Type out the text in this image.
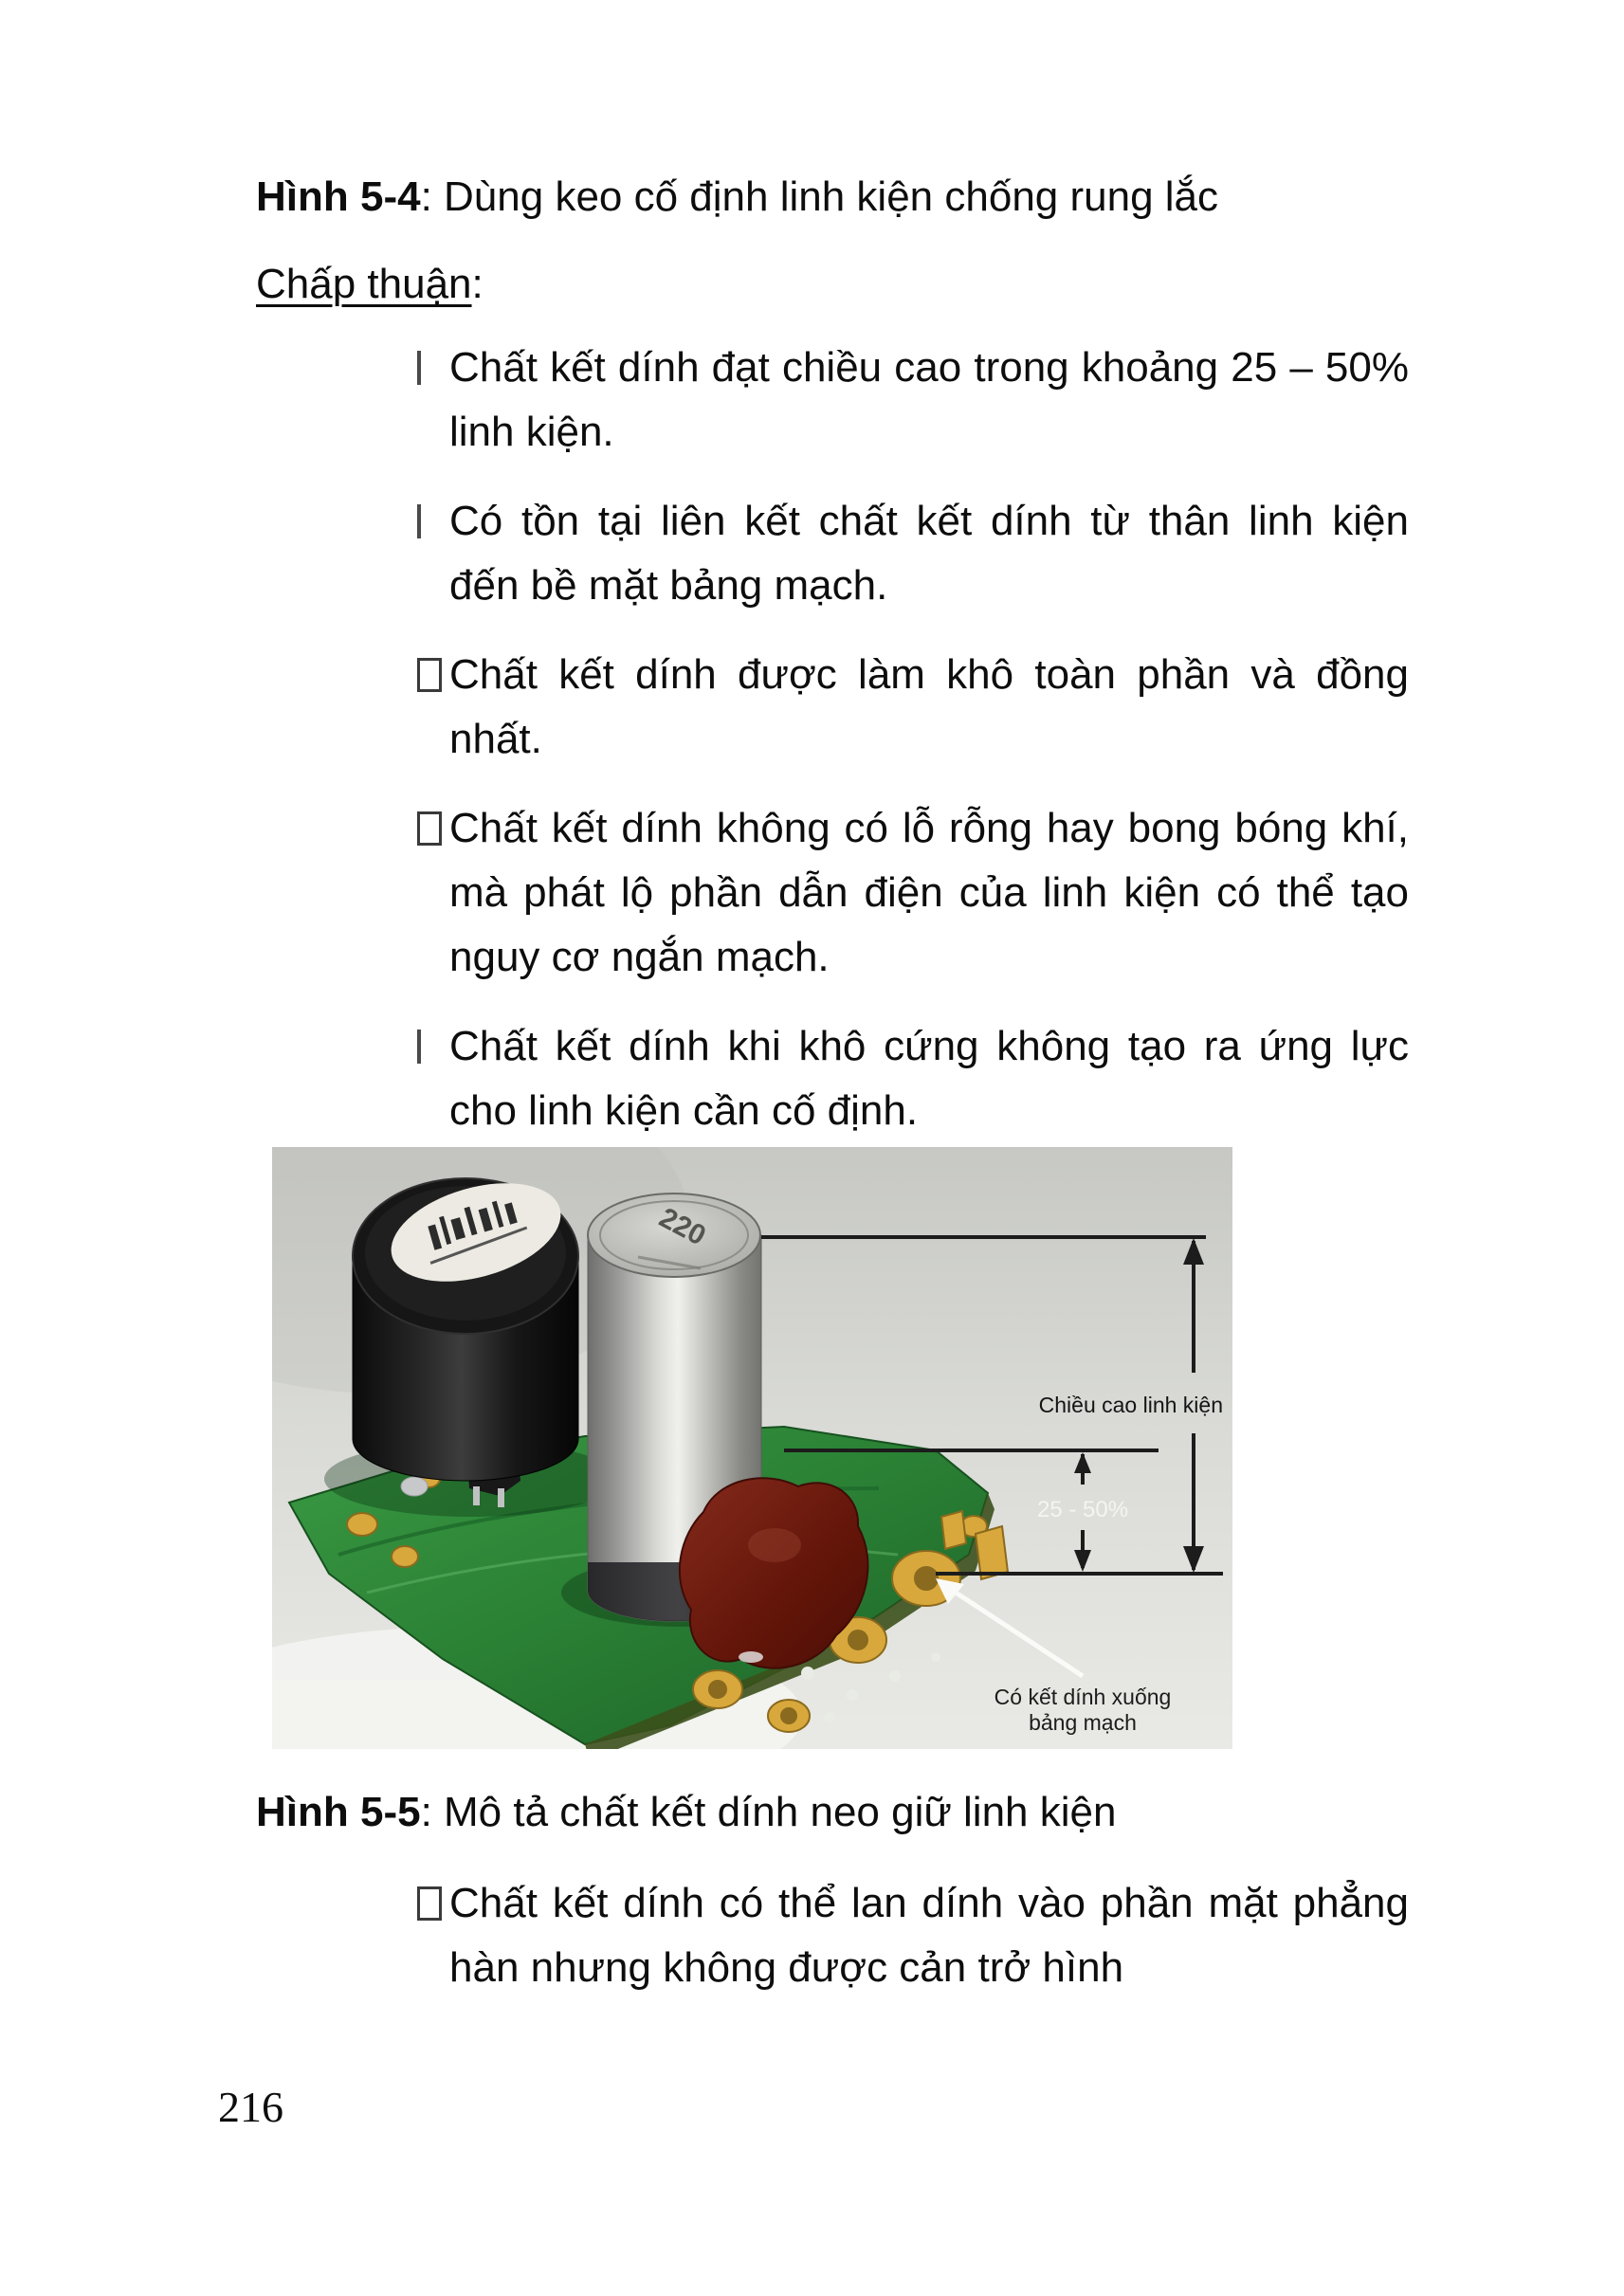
Hình 5-4: Dùng keo cố định linh kiện chống rung lắc
Chấp thuận:
Chất kết dính đạt chiều cao trong khoảng 25 – 50% linh kiện.
Có tồn tại liên kết chất kết dính từ thân linh kiện đến bề mặt bảng mạch.
Chất kết dính được làm khô toàn phần và đồng nhất.
Chất kết dính không có lỗ rỗng hay bong bóng khí, mà phát lộ phần dẫn điện của linh kiện có thể tạo nguy cơ ngắn mạch.
Chất kết dính khi khô cứng không tạo ra ứng lực cho linh kiện cần cố định.
220
Chiều cao linh kiện
25 - 50%
Có kết dính xuống
bảng mạch
Hình 5-5: Mô tả chất kết dính neo giữ linh kiện
Chất kết dính có thể lan dính vào phần mặt phẳng hàn nhưng không được cản trở hình
216
